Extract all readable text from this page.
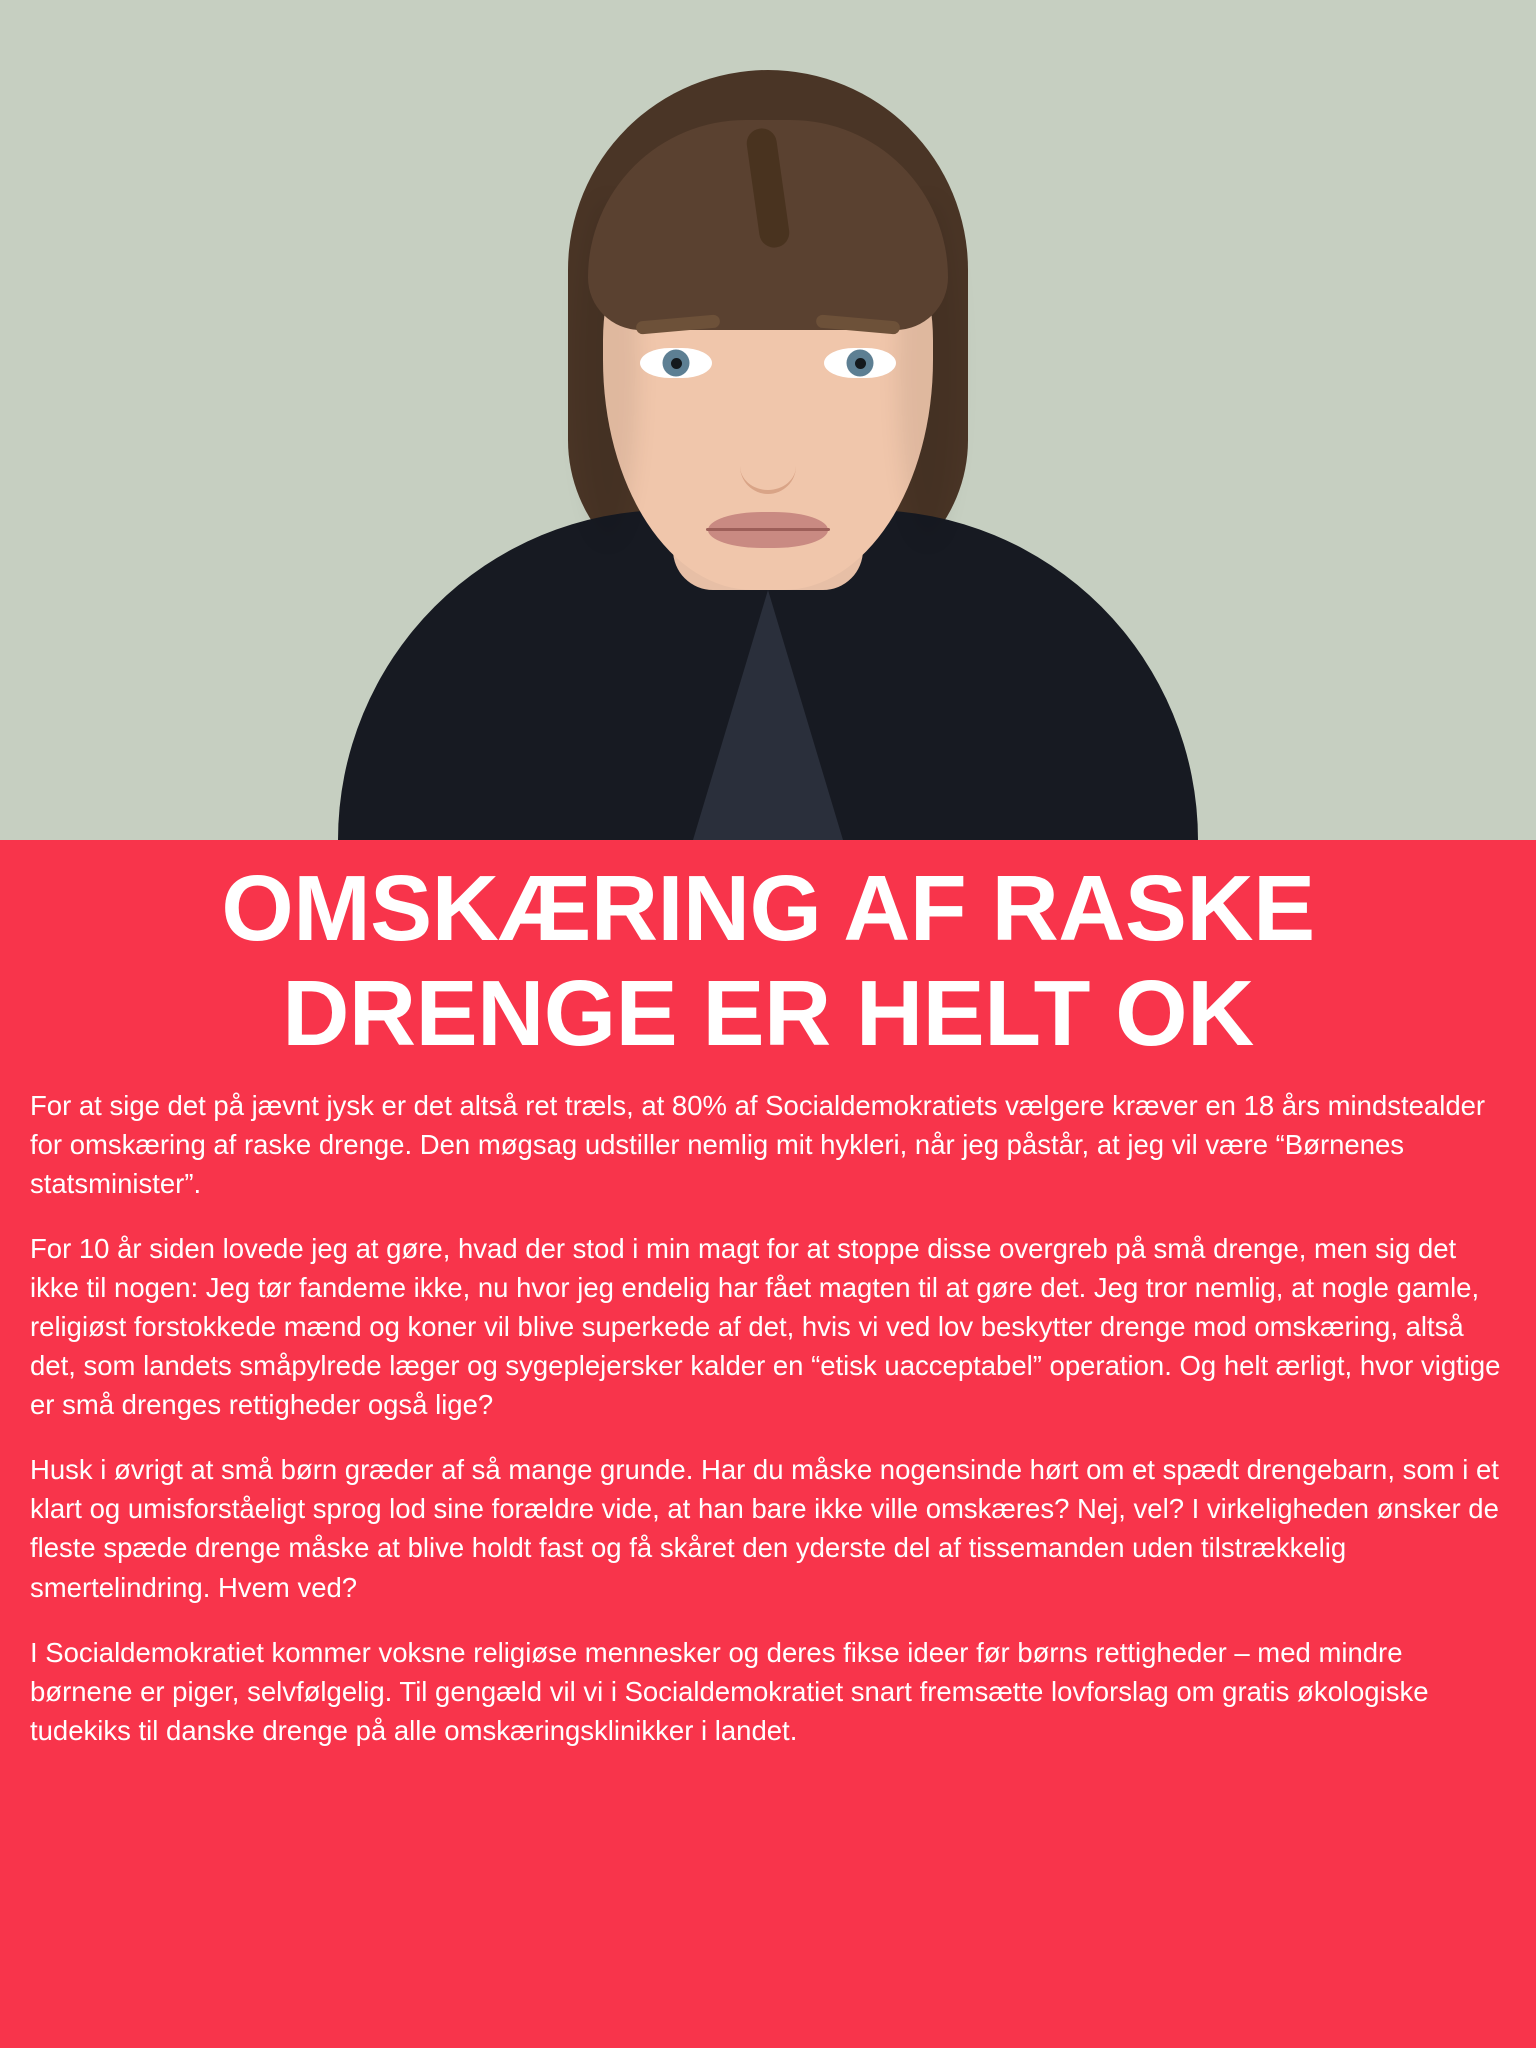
OMSKÆRING AF RASKE
DRENGE ER HELT OK

For at sige det på jævnt jysk er det altså ret træls, at 80% af Socialdemokratiets vælgere kræver en 18 års mindstealder for omskæring af raske drenge. Den møgsag udstiller nemlig mit hykleri, når jeg påstår, at jeg vil være “Børnenes statsminister”.

For 10 år siden lovede jeg at gøre, hvad der stod i min magt for at stoppe disse overgreb på små drenge, men sig det ikke til nogen: Jeg tør fandeme ikke, nu hvor jeg endelig har fået magten til at gøre det. Jeg tror nemlig, at nogle gamle, religiøst forstokkede mænd og koner vil blive superkede af det, hvis vi ved lov beskytter drenge mod omskæring, altså det, som landets småpylrede læger og sygeplejersker kalder en “etisk uacceptabel” operation. Og helt ærligt, hvor vigtige er små drenges rettigheder også lige?

Husk i øvrigt at små børn græder af så mange grunde. Har du måske nogensinde hørt om et spædt drengebarn, som i et klart og umisforståeligt sprog lod sine forældre vide, at han bare ikke ville omskæres? Nej, vel? I virkeligheden ønsker de fleste spæde drenge måske at blive holdt fast og få skåret den yderste del af tissemanden uden tilstrækkelig smertelindring. Hvem ved?

I Socialdemokratiet kommer voksne religiøse mennesker og deres fikse ideer før børns rettigheder – med mindre børnene er piger, selvfølgelig. Til gengæld vil vi i Socialdemokratiet snart fremsætte lovforslag om gratis økologiske tudekiks til danske drenge på alle omskæringsklinikker i landet.
